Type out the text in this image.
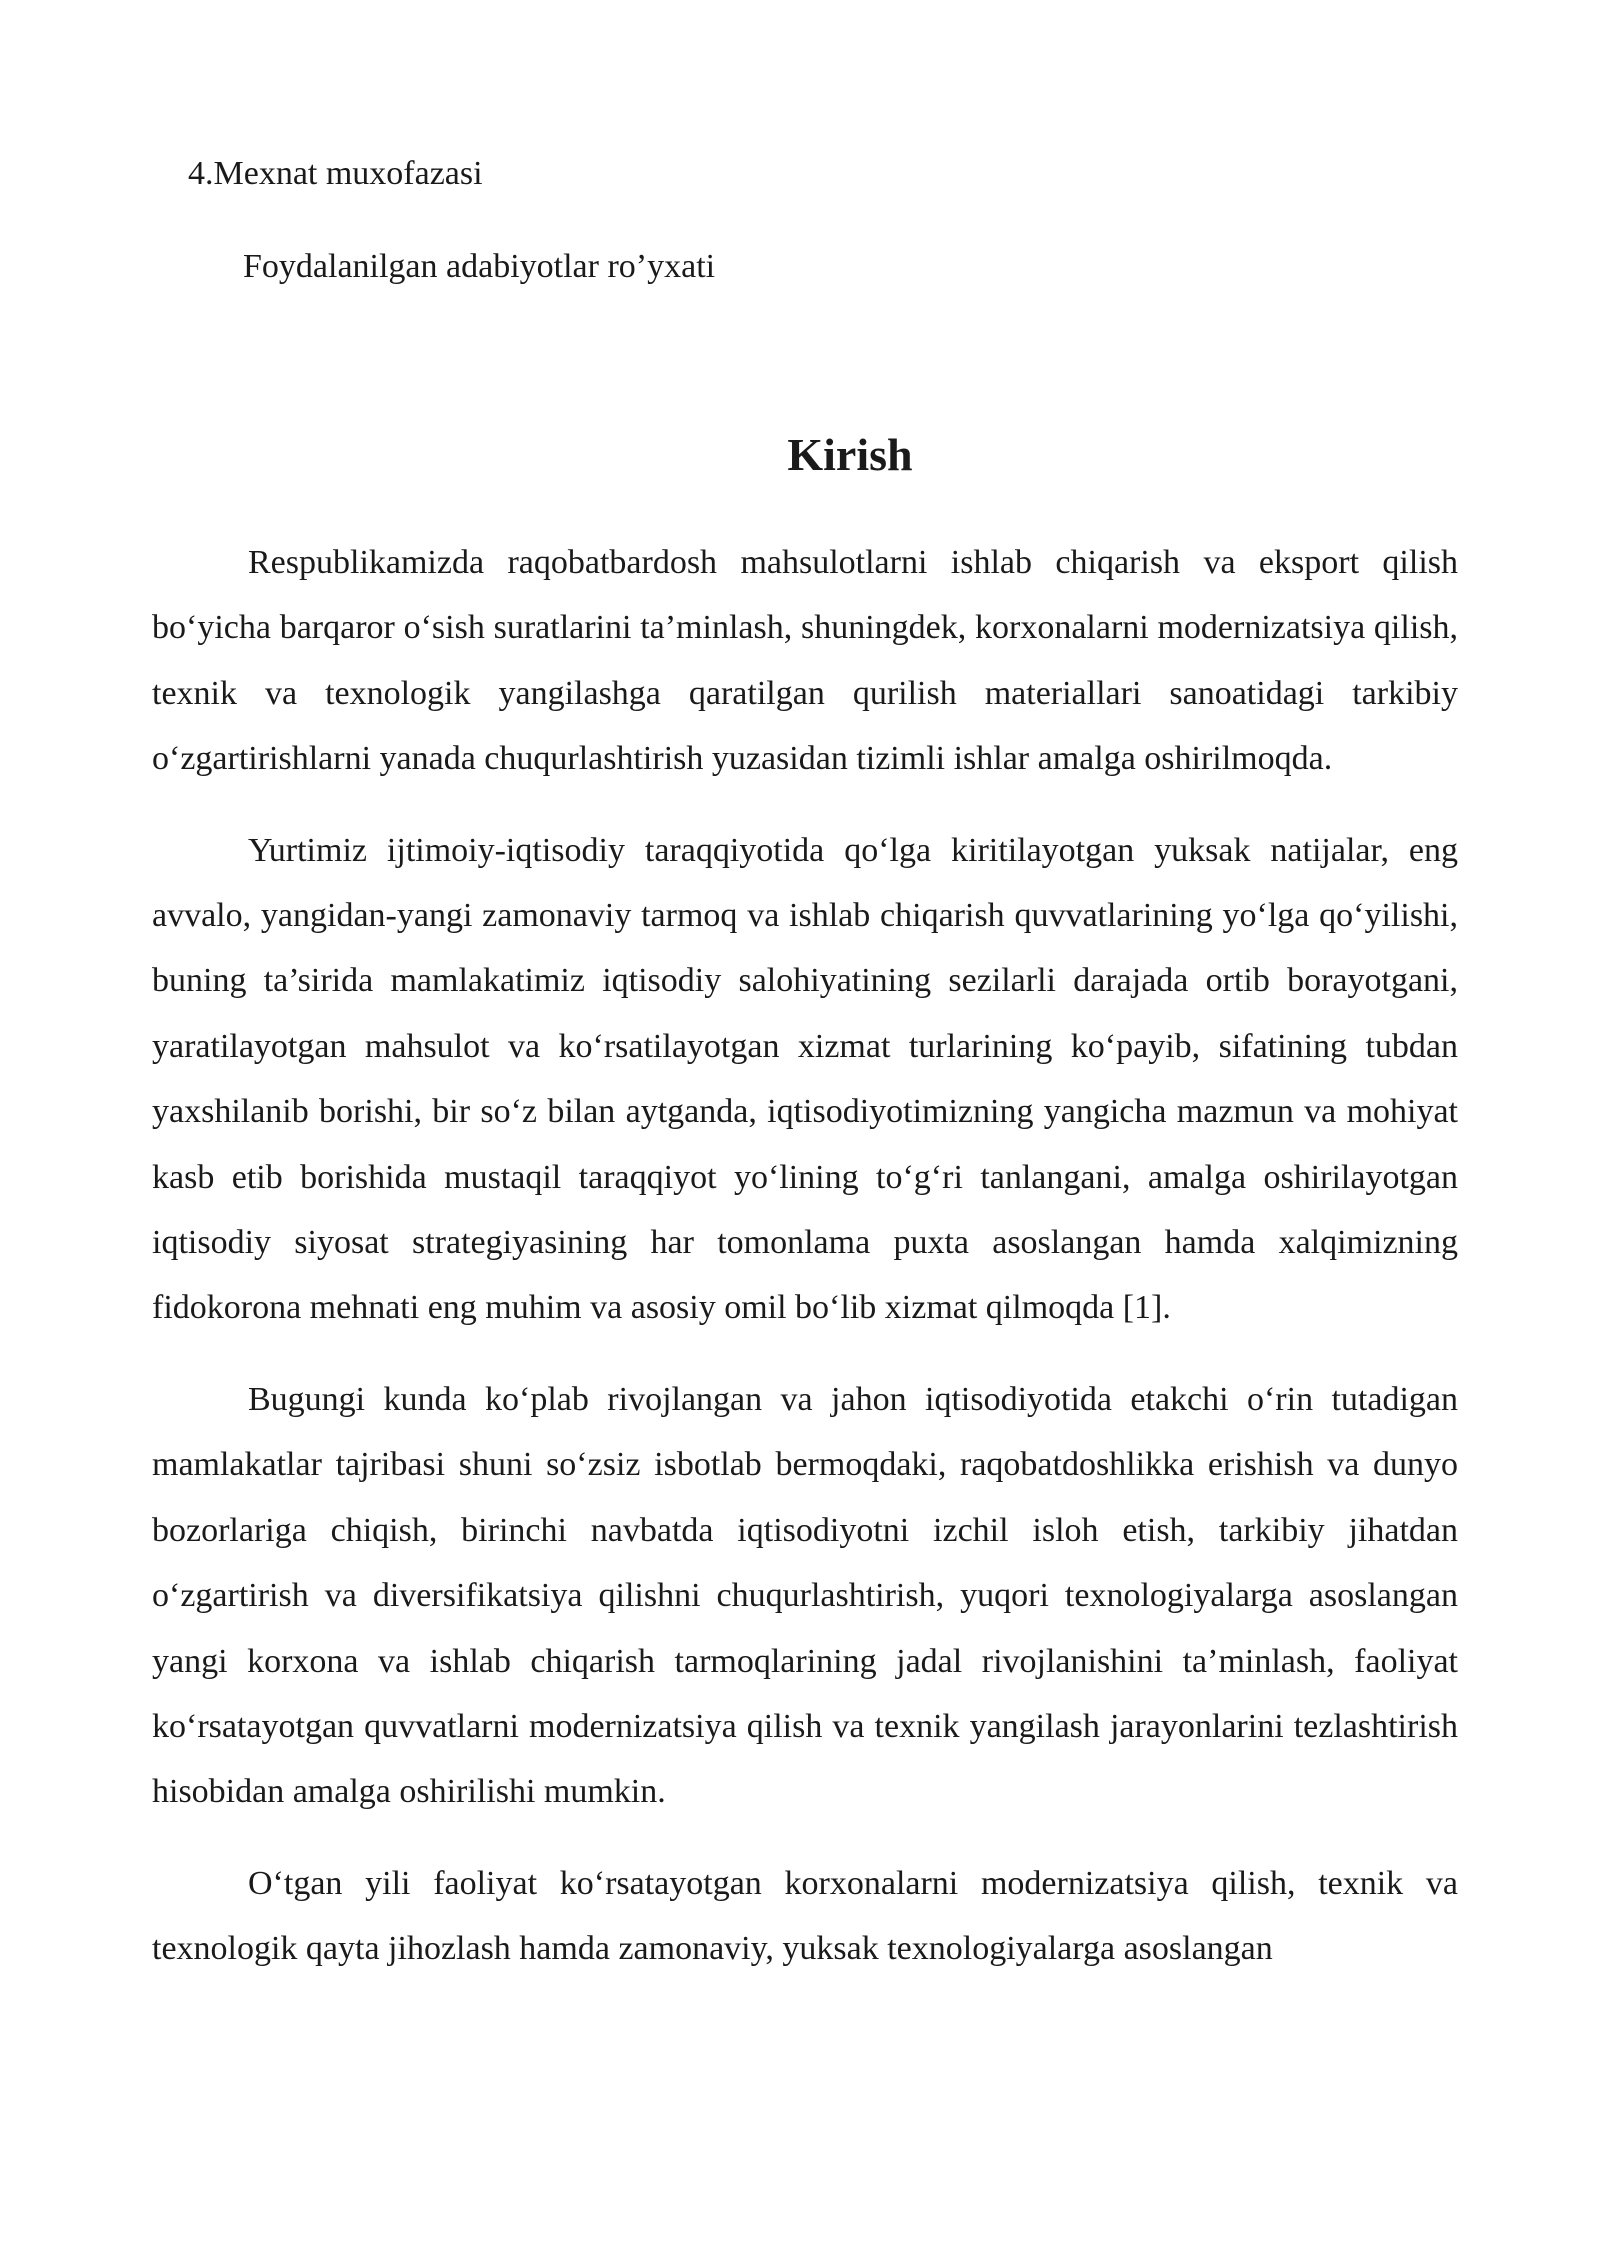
4.Mexnat muxofazasi
Foydalanilgan adabiyotlar ro’yxati
Kirish

Respublikamizda raqobatbardosh mahsulotlarni ishlab chiqarish va eksport qilish bo‘yicha barqaror o‘sish suratlarini ta’minlash, shuningdek, korxonalarni modernizatsiya qilish, texnik va texnologik yangilashga qaratilgan qurilish materiallari sanoatidagi tarkibiy o‘zgartirishlarni yanada chuqurlashtirish yuzasidan tizimli ishlar amalga oshirilmoqda.

Yurtimiz ijtimoiy-iqtisodiy taraqqiyotida qo‘lga kiritilayotgan yuksak natijalar, eng avvalo, yangidan-yangi zamonaviy tarmoq va ishlab chiqarish quvvatlarining yo‘lga qo‘yilishi, buning ta’sirida mamlakatimiz iqtisodiy salohiyatining sezilarli darajada ortib borayotgani, yaratilayotgan mahsulot va ko‘rsatilayotgan xizmat turlarining ko‘payib, sifatining tubdan yaxshilanib borishi, bir so‘z bilan aytganda, iqtisodiyotimizning yangicha mazmun va mohiyat kasb etib borishida mustaqil taraqqiyot yo‘lining to‘g‘ri tanlangani, amalga oshirilayotgan iqtisodiy siyosat strategiyasining har tomonlama puxta asoslangan hamda xalqimizning fidokorona mehnati eng muhim va asosiy omil bo‘lib xizmat qilmoqda [1].

Bugungi kunda ko‘plab rivojlangan va jahon iqtisodiyotida etakchi o‘rin tutadigan mamlakatlar tajribasi shuni so‘zsiz isbotlab bermoqdaki, raqobatdoshlikka erishish va dunyo bozorlariga chiqish, birinchi navbatda iqtisodiyotni izchil isloh etish, tarkibiy jihatdan o‘zgartirish va diversifikatsiya qilishni chuqurlashtirish, yuqori texnologiyalarga asoslangan yangi korxona va ishlab chiqarish tarmoqlarining jadal rivojlanishini ta’minlash, faoliyat ko‘rsatayotgan quvvatlarni modernizatsiya qilish va texnik yangilash jarayonlarini tezlashtirish hisobidan amalga oshirilishi mumkin.

O‘tgan yili faoliyat ko‘rsatayotgan korxonalarni modernizatsiya qilish, texnik va texnologik qayta jihozlash hamda zamonaviy, yuksak texnologiyalarga asoslangan
